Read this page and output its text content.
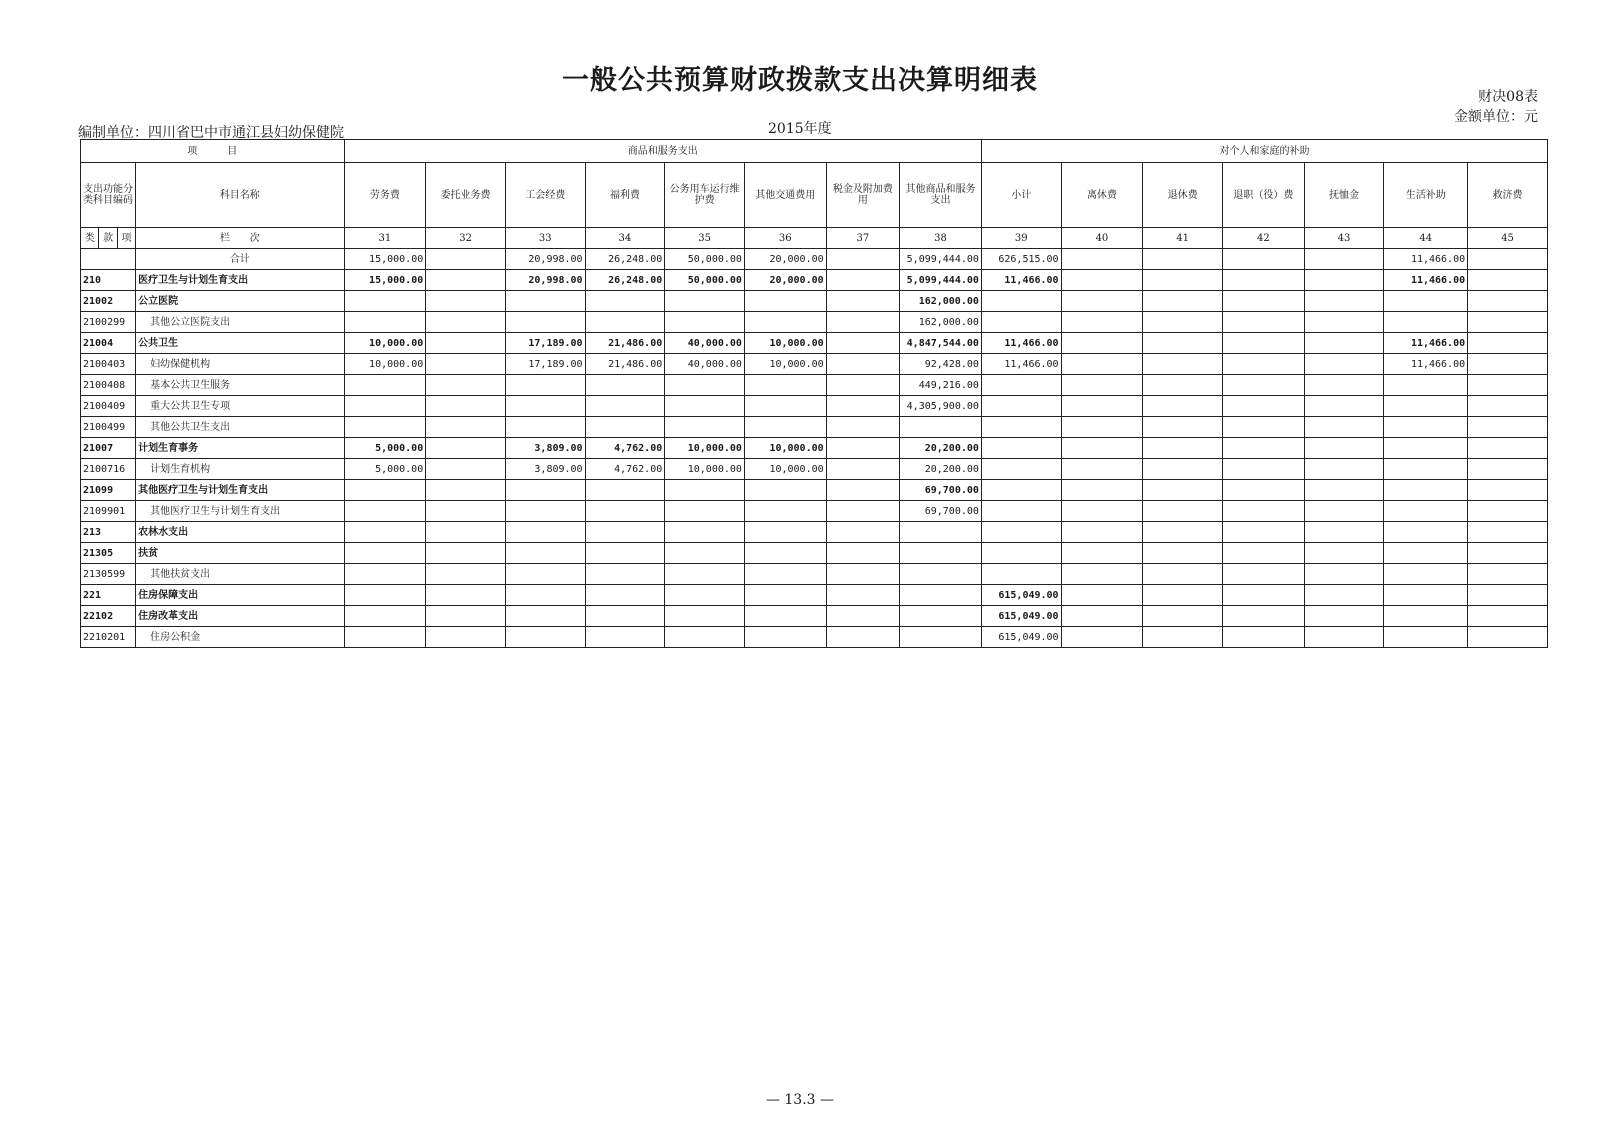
一般公共预算财政拨款支出决算明细表
财决08表
金额单位：元
编制单位：四川省巴中市通江县妇幼保健院	2015年度
项　　　目				商品和服务支出								对个人和家庭的补助						
支出功能分类科目编码			科目名称	劳务费	委托业务费	工会经费	福利费	公务用车运行维护费	其他交通费用	税金及附加费用	其他商品和服务支出	小计	离休费	退休费	退职（役）费	抚恤金	生活补助	救济费
类	款	项	栏　　次	31	32	33	34	35	36	37	38	39	40	41	42	43	44	45
			合计	15,000.00		20,998.00	26,248.00	50,000.00	20,000.00		5,099,444.00	626,515.00					11,466.00	
210			医疗卫生与计划生育支出	15,000.00		20,998.00	26,248.00	50,000.00	20,000.00		5,099,444.00	11,466.00					11,466.00	
21002			公立医院								162,000.00							
2100299			其他公立医院支出								162,000.00							
21004			公共卫生	10,000.00		17,189.00	21,486.00	40,000.00	10,000.00		4,847,544.00	11,466.00					11,466.00	
2100403			妇幼保健机构	10,000.00		17,189.00	21,486.00	40,000.00	10,000.00		92,428.00	11,466.00					11,466.00	
2100408			基本公共卫生服务								449,216.00							
2100409			重大公共卫生专项								4,305,900.00							
2100499			其他公共卫生支出															
21007			计划生育事务	5,000.00		3,809.00	4,762.00	10,000.00	10,000.00		20,200.00							
2100716			计划生育机构	5,000.00		3,809.00	4,762.00	10,000.00	10,000.00		20,200.00							
21099			其他医疗卫生与计划生育支出								69,700.00							
2109901			其他医疗卫生与计划生育支出								69,700.00							
213			农林水支出															
21305			扶贫															
2130599			其他扶贫支出															
221			住房保障支出									615,049.00						
22102			住房改革支出									615,049.00						
2210201			住房公积金									615,049.00						
— 13.3 —
